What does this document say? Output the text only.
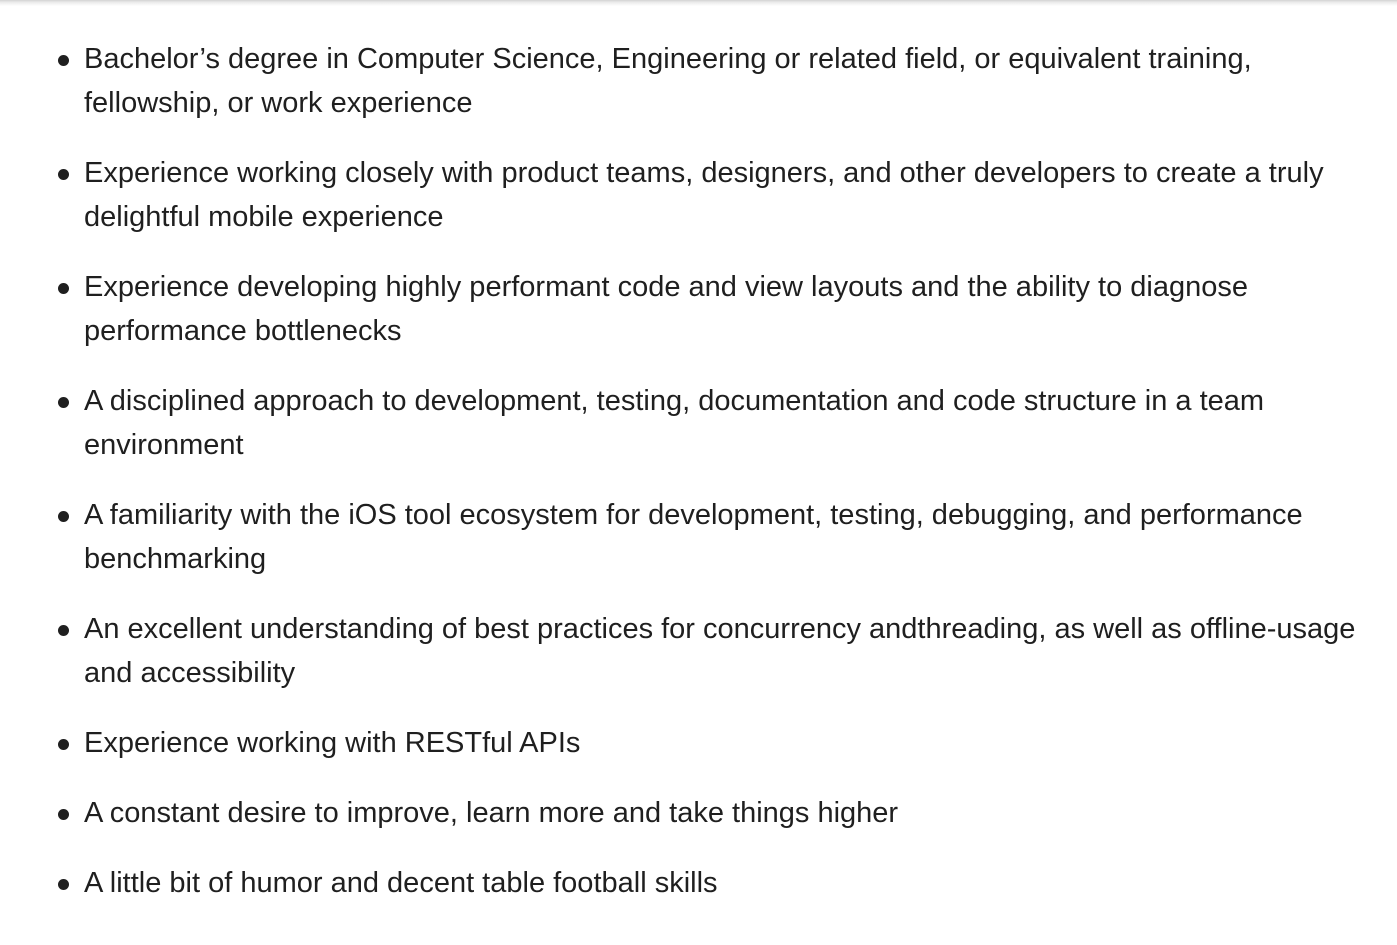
Bachelor’s degree in Computer Science, Engineering or related field, or equivalent training, fellowship, or work experience
Experience working closely with product teams, designers, and other developers to create a truly delightful mobile experience
Experience developing highly performant code and view layouts and the ability to diagnose performance bottlenecks
A disciplined approach to development, testing, documentation and code structure in a team environment
A familiarity with the iOS tool ecosystem for development, testing, debugging, and performance benchmarking
An excellent understanding of best practices for concurrency andthreading, as well as offline-usage and accessibility
Experience working with RESTful APIs
A constant desire to improve, learn more and take things higher
A little bit of humor and decent table football skills
